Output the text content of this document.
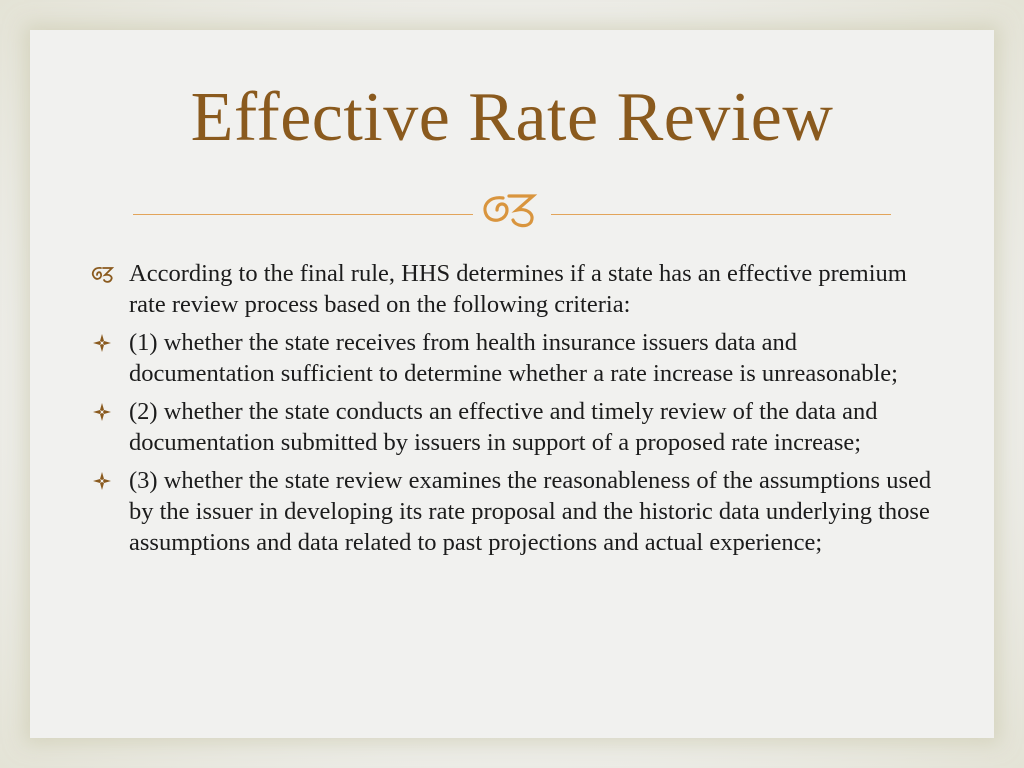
Effective Rate Review
According to the final rule, HHS determines if a state has an effective premium rate review process based on the following criteria:
(1) whether the state receives from health insurance issuers data and documentation sufficient to determine whether a rate increase is unreasonable;
(2) whether the state conducts an effective and timely review of the data and documentation submitted by issuers in support of a proposed rate increase;
(3) whether the state review examines the reasonableness of the assumptions used by the issuer in developing its rate proposal and the historic data underlying those assumptions and data related to past projections and actual experience;
